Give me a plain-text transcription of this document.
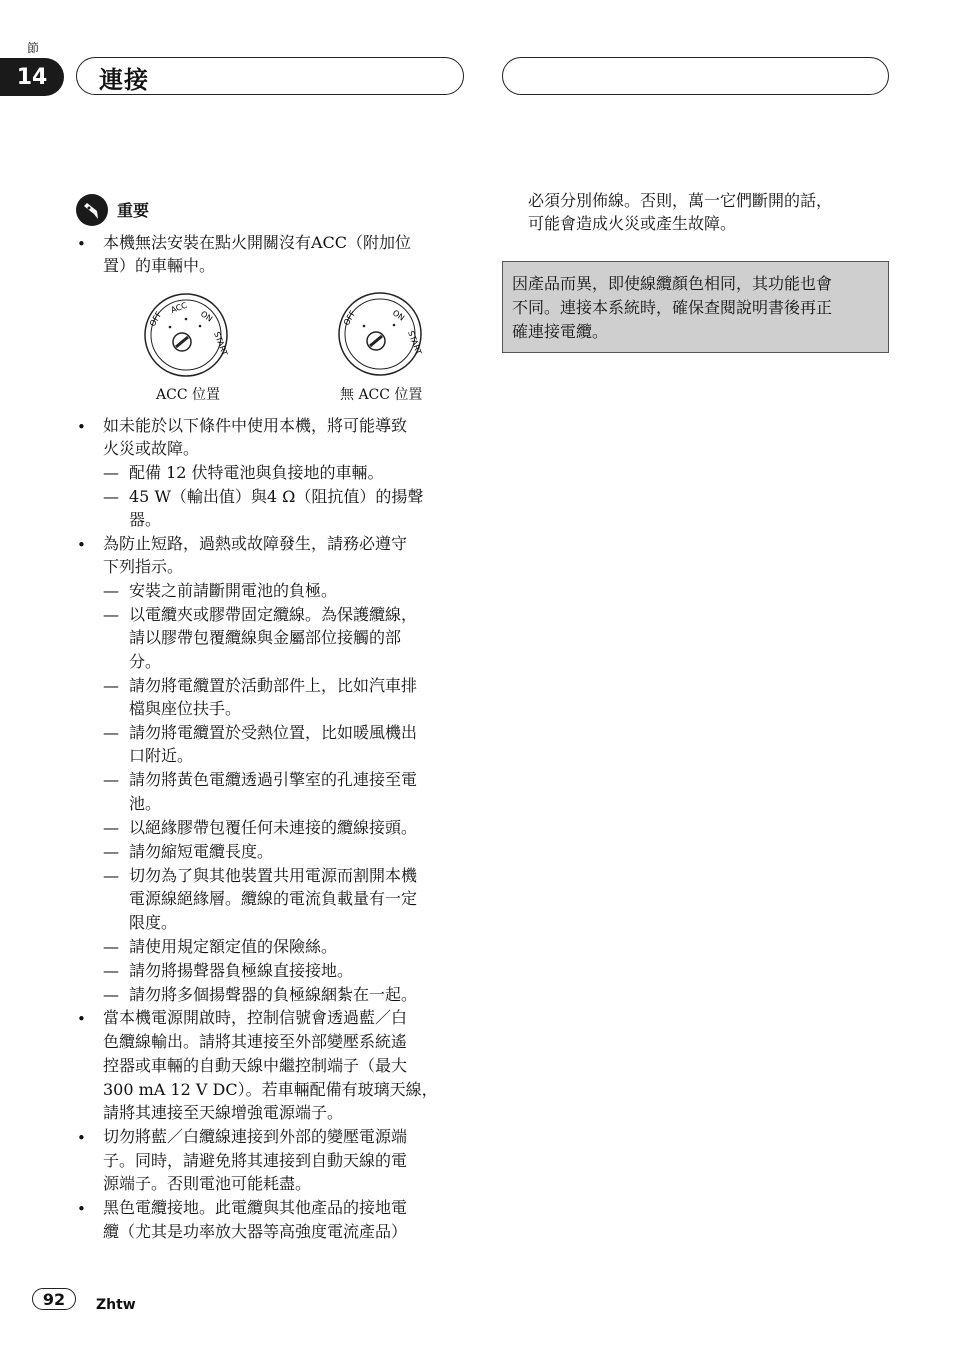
節
14	連接
重要
• 本機無法安裝在點火開關沒有ACC（附加位
置）的車輛中。
OFF
ACC
ON
START
ACC 位置
OFF	ON
START
無 ACC 位置
• 如未能於以下條件中使用本機，將可能導致
火災或故障。
— 配備 12 伏特電池與負接地的車輛。
— 45 W（輸出值）與4 Ω（阻抗值）的揚聲
器。
• 為防止短路，過熱或故障發生，請務必遵守
下列指示。
— 安裝之前請斷開電池的負極。
— 以電纜夾或膠帶固定纜線。為保護纜線，
請以膠帶包覆纜線與金屬部位接觸的部
分。
— 請勿將電纜置於活動部件上，比如汽車排
檔與座位扶手。
— 請勿將電纜置於受熱位置，比如暖風機出
口附近。
— 請勿將黃色電纜透過引擎室的孔連接至電
池。
— 以絕緣膠帶包覆任何未連接的纜線接頭。
— 請勿縮短電纜長度。
— 切勿為了與其他裝置共用電源而割開本機
電源線絕緣層。纜線的電流負載量有一定
限度。
— 請使用規定額定值的保險絲。
— 請勿將揚聲器負極線直接接地。
— 請勿將多個揚聲器的負極線綑紮在一起。
• 當本機電源開啟時，控制信號會透過藍／白
色纜線輸出。請將其連接至外部變壓系統遙
控器或車輛的自動天線中繼控制端子（最大
300 mA 12 V DC）。若車輛配備有玻璃天線，
請將其連接至天線增強電源端子。
• 切勿將藍／白纜線連接到外部的變壓電源端
子。同時，請避免將其連接到自動天線的電
源端子。否則電池可能耗盡。
• 黑色電纜接地。此電纜與其他產品的接地電
纜（尤其是功率放大器等高強度電流產品）
必須分別佈線。否則，萬一它們斷開的話，
可能會造成火災或產生故障。
因產品而異，即使線纜顏色相同，其功能也會
不同。連接本系統時，確保查閱說明書後再正
確連接電纜。
92	Zhtw
